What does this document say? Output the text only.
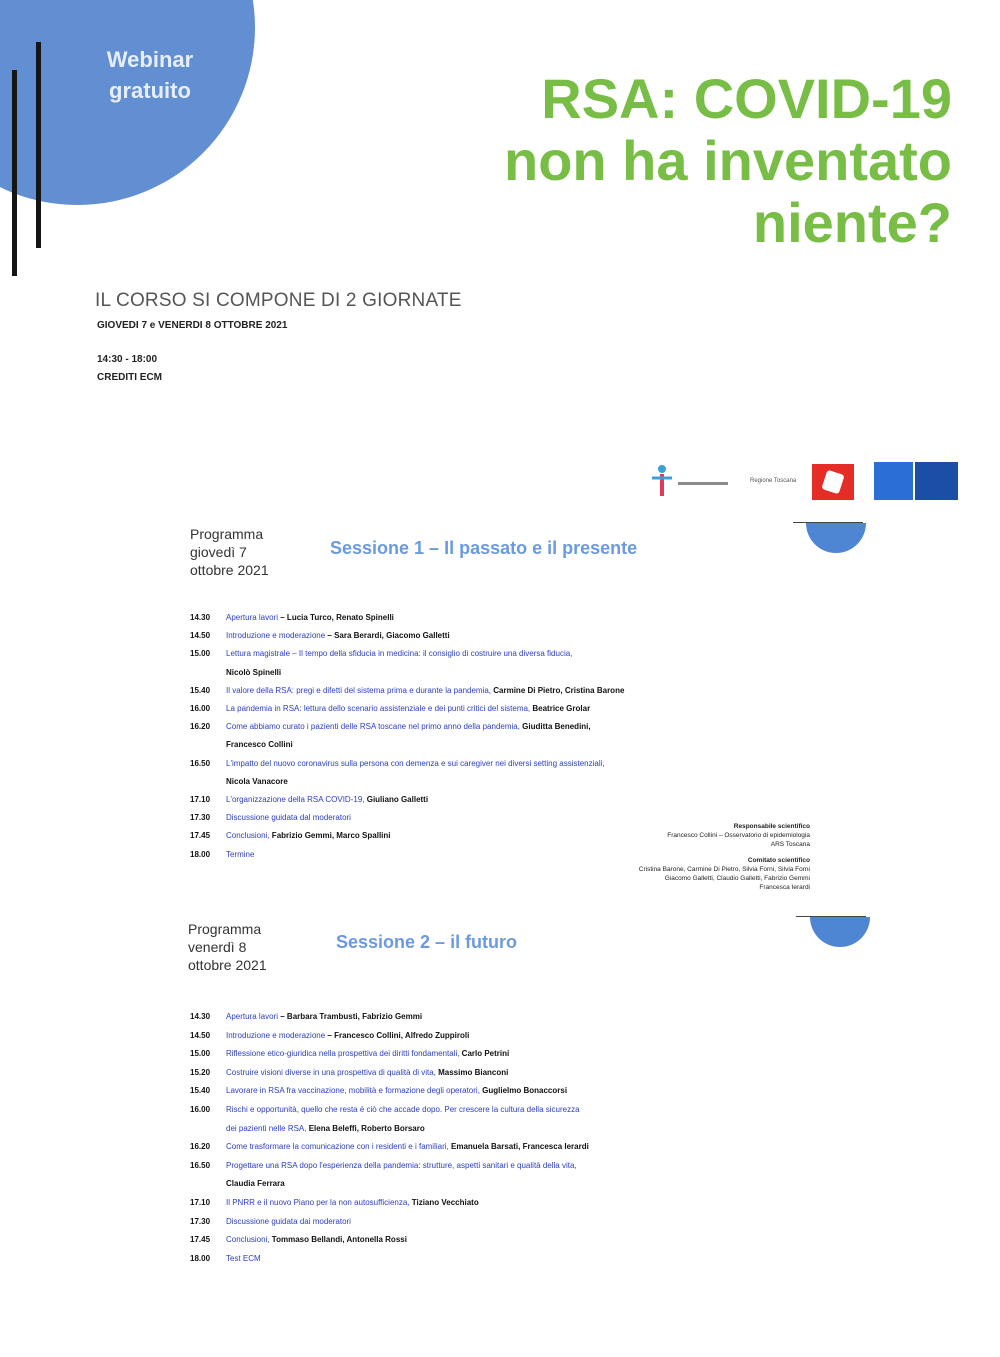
Webinar
gratuito	RSA: COVID-19
non ha inventato
niente?
IL CORSO SI COMPONE DI 2 GIORNATE
GIOVEDI 7 e VENERDI 8 OTTOBRE 2021
14:30 - 18:00
CREDITI ECM
Regione Toscana
Programma
giovedì 7
ottobre 2021
Sessione 1 – Il passato e il presente
14.30	Apertura lavori – Lucia Turco, Renato Spinelli
14.50	Introduzione e moderazione – Sara Berardi, Giacomo Galletti
15.00	Lettura magistrale – Il tempo della sfiducia in medicina: il consiglio di costruire una diversa fiducia,
Nicolò Spinelli
15.40	Il valore della RSA: pregi e difetti del sistema prima e durante la pandemia, Carmine Di Pietro, Cristina Barone
16.00	La pandemia in RSA: lettura dello scenario assistenziale e dei punti critici del sistema, Beatrice Grolar
16.20	Come abbiamo curato i pazienti delle RSA toscane nel primo anno della pandemia, Giuditta Benedini,
Francesco Collini
16.50	L'impatto del nuovo coronavirus sulla persona con demenza e sui caregiver nei diversi setting assistenziali,
Nicola Vanacore
17.10	L'organizzazione della RSA COVID-19, Giuliano Galletti
17.30	Discussione guidata dal moderatori
17.45	Conclusioni, Fabrizio Gemmi, Marco Spallini
18.00	Termine
Responsabile scientifico
Francesco Collini – Osservatorio di epidemiologia
ARS Toscana
Comitato scientifico
Cristina Barone, Carmine Di Pietro, Silvia Forni, Silvia Forni
Giacomo Galletti, Claudio Galletti, Fabrizio Gemmi
Francesca Ierardi
Programma
venerdì 8
ottobre 2021
Sessione 2 – il futuro
14.30	Apertura lavori – Barbara Trambusti, Fabrizio Gemmi
14.50	Introduzione e moderazione – Francesco Collini, Alfredo Zuppiroli
15.00	Riflessione etico-giuridica nella prospettiva dei diritti fondamentali, Carlo Petrini
15.20	Costruire visioni diverse in una prospettiva di qualità di vita, Massimo Bianconi
15.40	Lavorare in RSA fra vaccinazione, mobilità e formazione degli operatori, Guglielmo Bonaccorsi
16.00	Rischi e opportunità, quello che resta è ciò che accade dopo. Per crescere la cultura della sicurezza
dei pazienti nelle RSA, Elena Beleffi, Roberto Borsaro
16.20	Come trasformare la comunicazione con i residenti e i familiari, Emanuela Barsati, Francesca Ierardi
16.50	Progettare una RSA dopo l'esperienza della pandemia: strutture, aspetti sanitari e qualità della vita,
Claudia Ferrara
17.10	Il PNRR e il nuovo Piano per la non autosufficienza, Tiziano Vecchiato
17.30	Discussione guidata dai moderatori
17.45	Conclusioni, Tommaso Bellandi, Antonella Rossi
18.00	Test ECM
